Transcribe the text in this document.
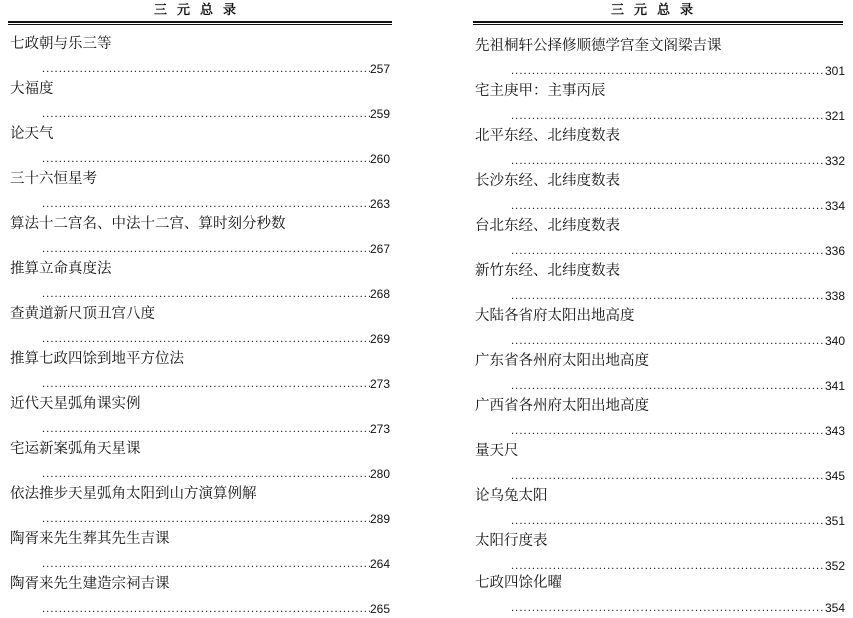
三元总录
七政朝与乐三等
·····
·····
257
大福度
·····
259
论天气
·····
260
三十六恒星考
·····
·····
263
算法十二宫名、中法十二宫、算时刻分秒数
·····
·····
267
推算立命真度法
·····
·····
268
查黄道新尺顶丑宫八度
·····
·····
269
推算七政四馀到地平方位法
·····
273
近代天星弧角课实例
·····
·····
273
宅运新案弧角天星课
·····
·····
280
依法推步天星弧角太阳到山方演算例解
·····
·····
289
陶胥来先生葬其先生吉课
·····
·····
264
陶胥来先生建造宗祠吉课
·····
·····
265
三元总录
先祖桐轩公择修顺德学宫奎文阁梁吉课
·····
301
宅主庚甲：主事丙辰
·····
321
北平东经、北纬度数表
·····
332
长沙东经、北纬度数表
·····
·····
334
台北东经、北纬度数表
·····
·····
336
新竹东经、北纬度数表
·····
·····
338
大陆各省府太阳出地高度
·····
·····
340
广东省各州府太阳出地高度
·····
·····
341
广西省各州府太阳出地高度
·····
343
量天尺
·····
345
论乌兔太阳
·····
·····
351
太阳行度表
·····
·····
352
七政四馀化曜
·····
·····
354
